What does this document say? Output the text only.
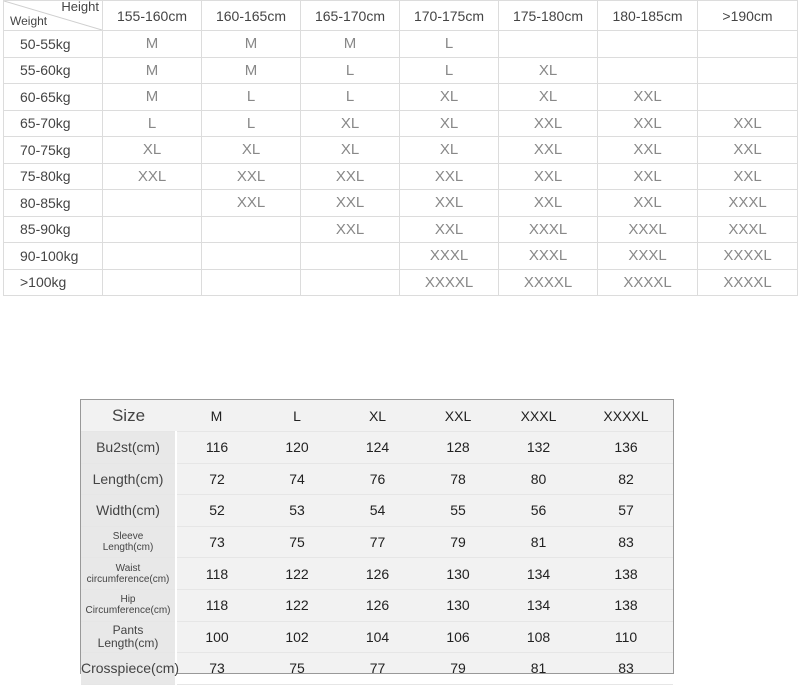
Height
Weight	155-160cm	160-165cm	165-170cm	170-175cm	175-180cm	180-185cm	>190cm
50-55kg	M	M	M	L			
55-60kg	M	M	L	L	XL		
60-65kg	M	L	L	XL	XL	XXL	
65-70kg	L	L	XL	XL	XXL	XXL	XXL
70-75kg	XL	XL	XL	XL	XXL	XXL	XXL
75-80kg	XXL	XXL	XXL	XXL	XXL	XXL	XXL
80-85kg		XXL	XXL	XXL	XXL	XXL	XXXL
85-90kg			XXL	XXL	XXXL	XXXL	XXXL
90-100kg				XXXL	XXXL	XXXL	XXXXL
>100kg				XXXXL	XXXXL	XXXXL	XXXXL
Size	M	L	XL	XXL	XXXL	XXXXL

Bu2st(cm)	116	120	124	128	132	136

Length(cm)	72	74	76	78	80	82

Width(cm)	52	53	54	55	56	57

Sleeve
Length(cm)	73	75	77	79	81	83

Waist
circumference(cm)	118	122	126	130	134	138

Hip
Circumference(cm)	118	122	126	130	134	138

Pants
Length(cm)	100	102	104	106	108	110

Crosspiece(cm)	73	75	77	79	81	83
